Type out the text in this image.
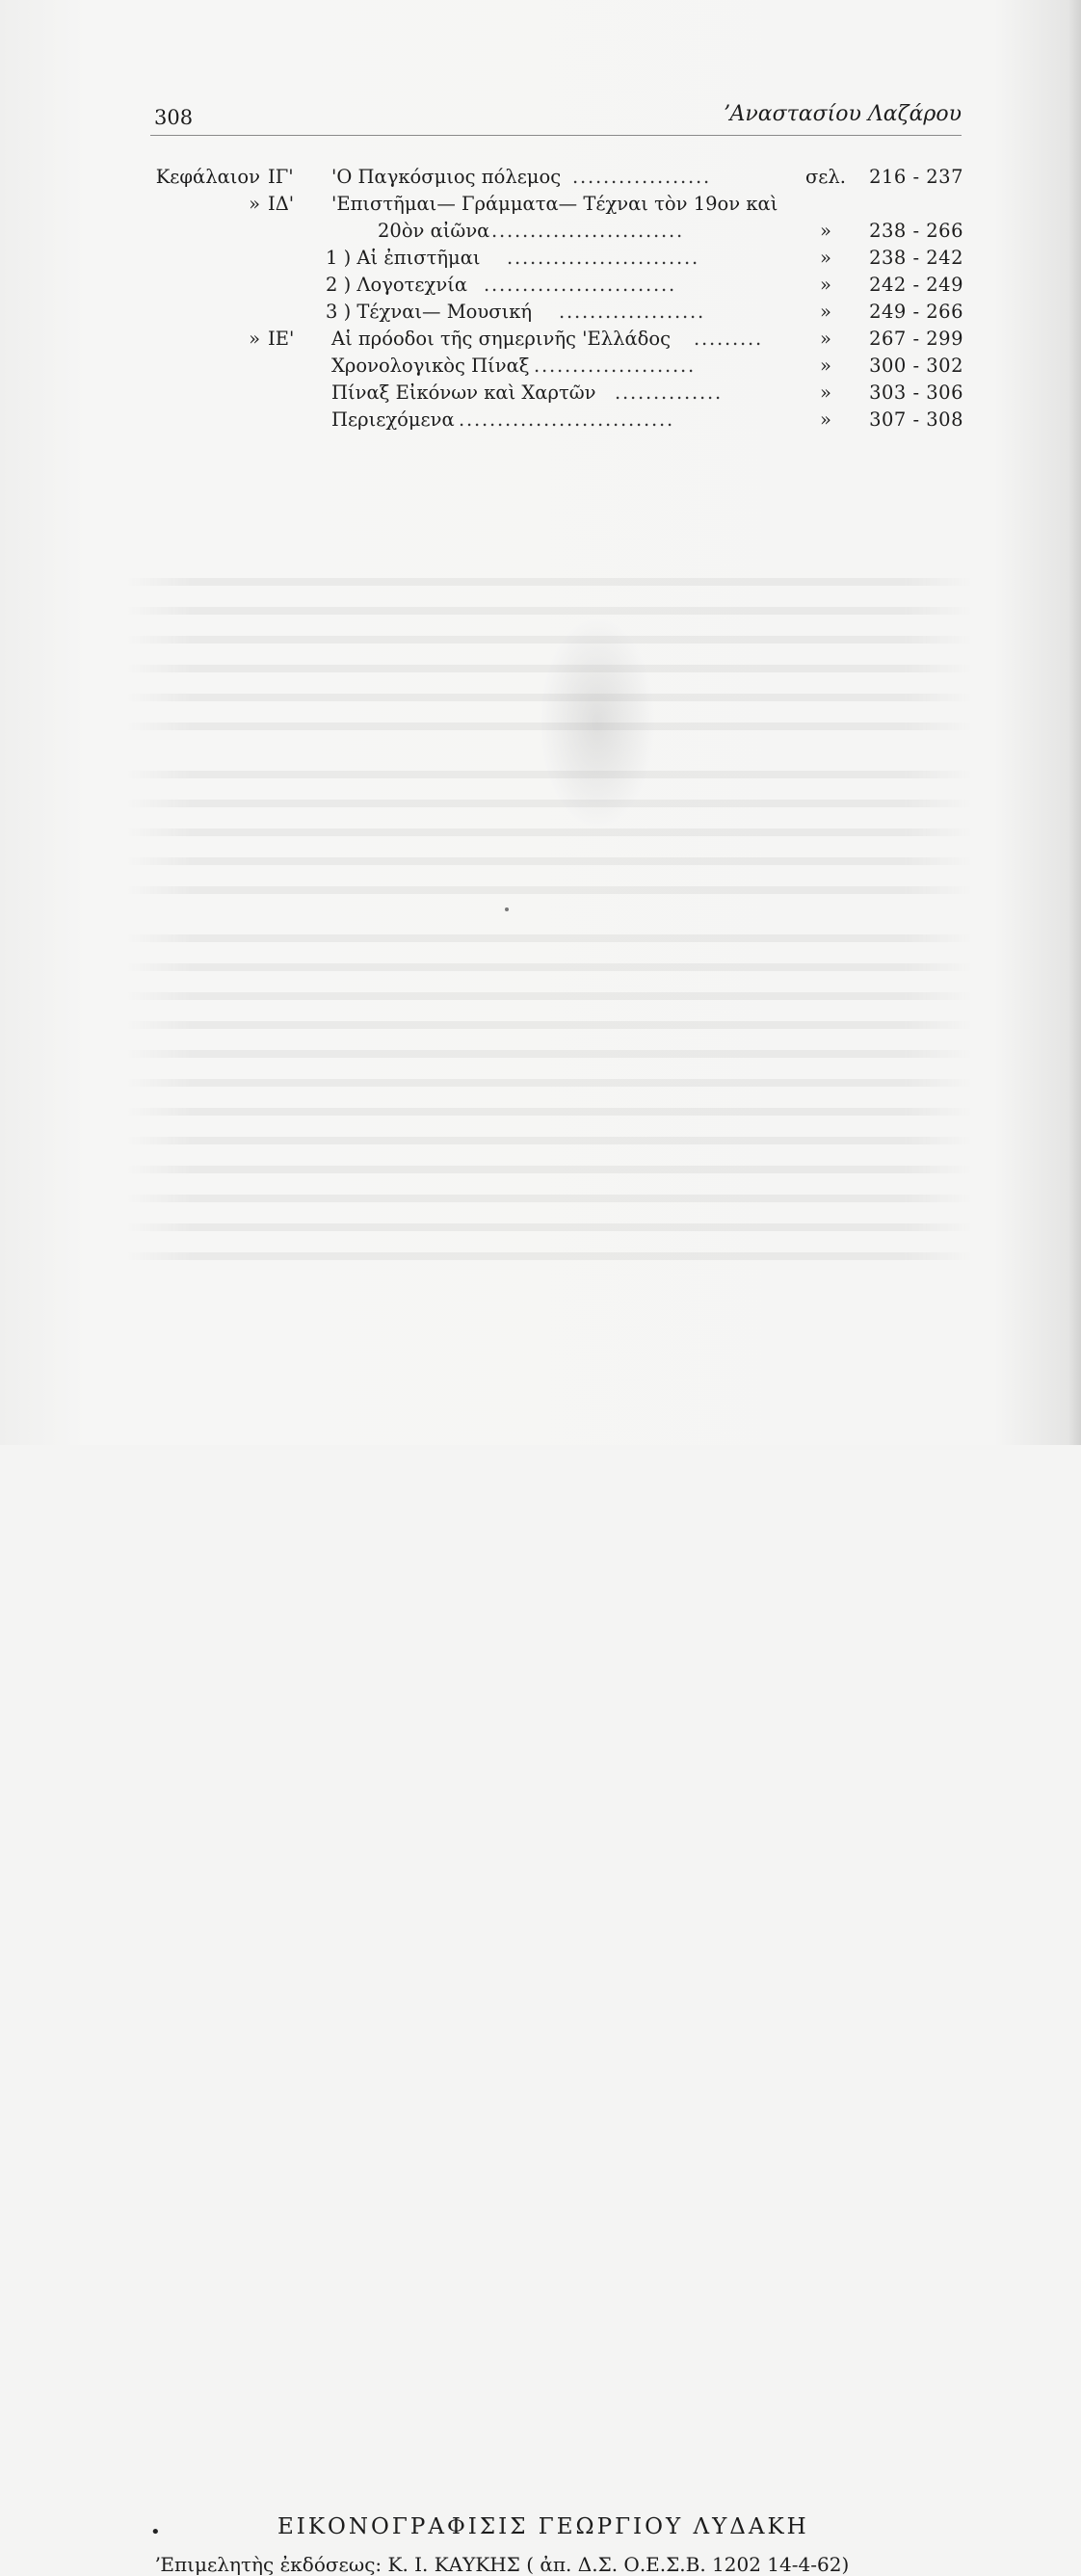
308	ʼΑναστασίου Λαζάρου
Κεφάλαιον ΙΓ' 'Ο Παγκόσμιος πόλεμος ..................	σελ.	216 - 237
» ΙΔ' 'Επιστῆμαι— Γράμματα— Τέχναι τὸν 19ον καὶ
20ὸν αἰῶνα .........................	»	238 - 266
1 ) Αἱ ἐπιστῆμαι .........................	»	238 - 242
2 ) Λογοτεχνία .........................	»	242 - 249
3 ) Τέχναι— Μουσική ...................	»	249 - 266
» ΙΕ' Αἱ πρόοδοι τῆς σημερινῆς 'Ελλάδος .........	»	267 - 299
Χρονολογικὸς Πίναξ .....................	»	300 - 302
Πίναξ Εἰκόνων καὶ Χαρτῶν ..............	»	303 - 306
Περιεχόμενα ............................	»	307 - 308
•	ΕΙΚΟΝΟΓΡΑΦΙΣΙΣ ΓΕΩΡΓΙΟΥ ΛΥΔΑΚΗ
ʼΕπιμελητὴς ἐκδόσεως: Κ. Ι. ΚΑΥΚΗΣ ( ἀπ. Δ.Σ. Ο.Ε.Σ.Β. 1202 14-4-62)
